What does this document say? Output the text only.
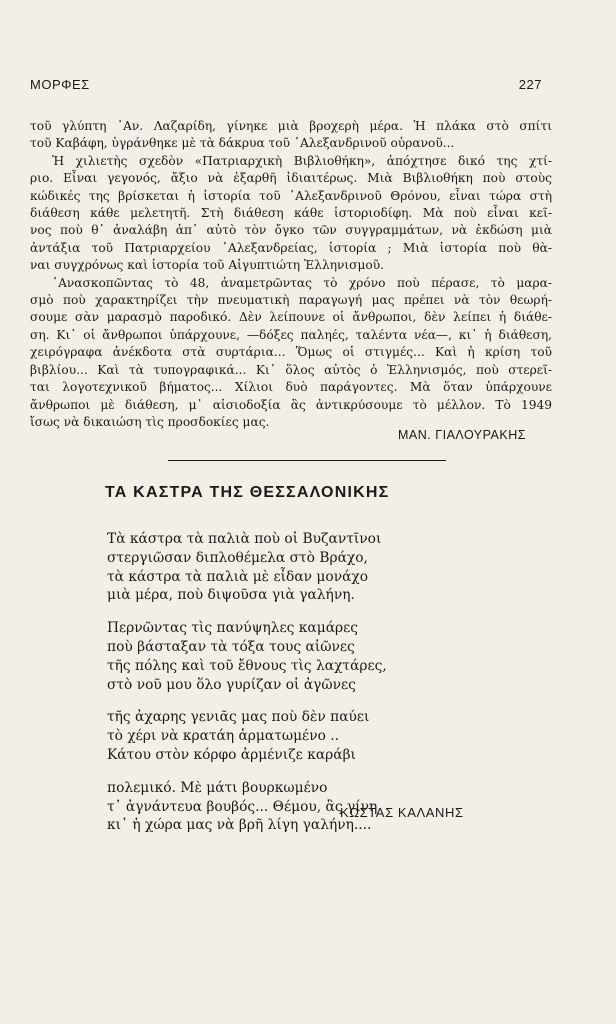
ΜΟΡΦΕΣ	227
τοῦ γλύπτη ᾿Αν. Λαζαρίδη, γίνηκε μιὰ βροχερὴ μέρα. Ἡ πλάκα στὸ σπίτι
τοῦ Καβάφη, ὑγράνθηκε μὲ τὰ δάκρυα τοῦ ᾿Αλεξανδρινοῦ οὐρανοῦ...
Ἡ χιλιετὴς σχεδὸν «Πατριαρχικὴ Βιβλιοθήκη», ἀπόχτησε δικό της χτί-
ριο. Εἶναι γεγονός, ἄξιο νὰ ἐξαρθῆ ἰδιαιτέρως. Μιὰ Βιβλιοθήκη ποὺ στοὺς
κώδικές της βρίσκεται ἡ ἱστορία τοῦ ᾿Αλεξανδρινοῦ Θρόνου, εἶναι τώρα στὴ
διάθεση κάθε μελετητῆ. Στὴ διάθεση κάθε ἱστοριοδίφη. Μὰ ποὺ εἶναι κεῖ-
νος ποὺ θ᾿ ἀναλάβη ἀπ᾿ αὐτὸ τὸν ὄγκο τῶν συγγραμμάτων, νὰ ἐκδώση μιὰ
ἀντάξια τοῦ Πατριαρχείου ᾿Αλεξανδρείας, ἱστορία ; Μιὰ ἱστορία ποὺ θὰ-
ναι συγχρόνως καὶ ἱστορία τοῦ Αἰγυπτιώτη Ἑλληνισμοῦ.
᾿Ανασκοπῶντας τὸ 48, ἀναμετρῶντας τὸ χρόνο ποὺ πέρασε, τὸ μαρα-
σμὸ ποὺ χαρακτηρίζει τὴν πνευματικὴ παραγωγή μας πρέπει νὰ τὸν θεωρή-
σουμε σὰν μαρασμὸ παροδικό. Δὲν λείπουνε οἱ ἄνθρωποι, δὲν λείπει ἡ διάθε-
ση. Κι᾿ οἱ ἄνθρωποι ὑπάρχουνε, —δόξες παληές, ταλέντα νέα—, κι᾿ ἡ διάθεση,
χειρόγραφα ἀνέκδοτα στὰ συρτάρια... Ὅμως οἱ στιγμές... Καὶ ἡ κρίση τοῦ
βιβλίου... Καὶ τὰ τυπογραφικά... Κι᾿ ὅλος αὐτὸς ὁ Ἑλληνισμός, ποὺ στερεῖ-
ται λογοτεχνικοῦ βήματος... Χίλιοι δυὸ παράγοντες. Μὰ ὅταν ὑπάρχουνε
ἄνθρωποι μὲ διάθεση, μ᾿ αἰσιοδοξία ἂς ἀντικρύσουμε τὸ μέλλον. Τὸ 1949
ἴσως νὰ δικαιώση τὶς προσδοκίες μας.
ΜΑΝ. ΓΙΑΛΟΥΡΑΚΗΣ
ΤΑ ΚΑΣΤΡΑ ΤΗΣ ΘΕΣΣΑΛΟΝΙΚΗΣ
Τὰ κάστρα τὰ παλιὰ ποὺ οἱ Βυζαντῖνοι
στεργιῶσαν διπλοθέμελα στὸ Βράχο,
τὰ κάστρα τὰ παλιὰ μὲ εἶδαν μονάχο
μιὰ μέρα, ποὺ διψοῦσα γιὰ γαλήνη.
Περνῶντας τὶς πανύψηλες καμάρες
ποὺ βάσταξαν τὰ τόξα τους αἰῶνες
τῆς πόλης καὶ τοῦ ἔθνους τὶς λαχτάρες,
στὸ νοῦ μου ὅλο γυρίζαν οἱ ἀγῶνες
τῆς ἀχαρης γενιᾶς μας ποὺ δὲν παύει
τὸ χέρι νὰ κρατάη ἁρματωμένο ..
Κάτου στὸν κόρφο ἀρμένιζε καράβι
πολεμικό. Μὲ μάτι βουρκωμένο
τ᾿ ἀγνάντευα βουβός... Θέμου, ἂς γίνη
κι᾿ ἡ χώρα μας νὰ βρῆ λίγη γαλήνη....
ΚΩΣΤΑΣ ΚΑΛΑΝΗΣ
